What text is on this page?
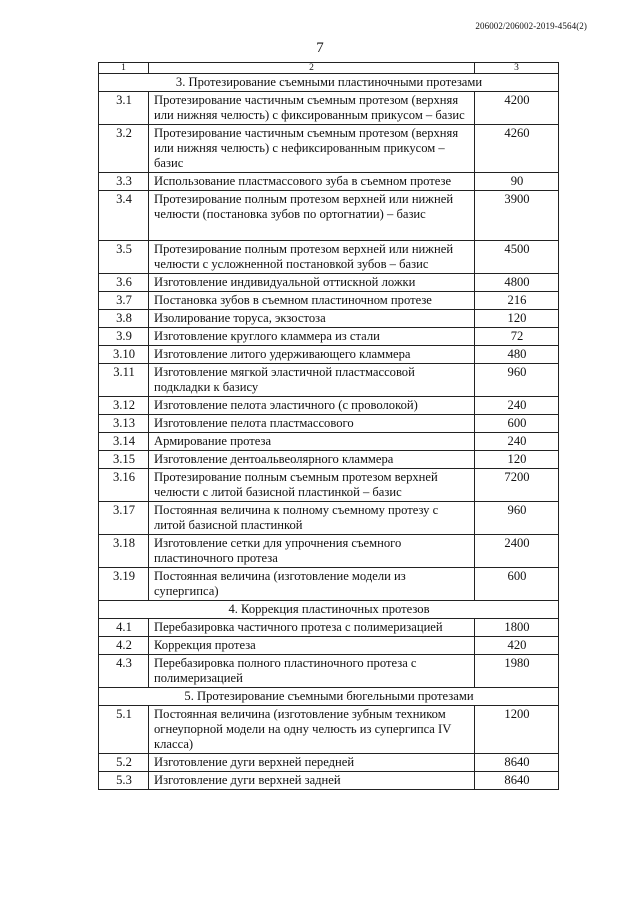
206002/206002-2019-4564(2)
7
1	2	3
3. Протезирование съемными пластиночными протезами		
3.1	Протезирование частичным съемным протезом (верхняя или нижняя челюсть) с фиксированным прикусом – базис	4200
3.2	Протезирование частичным съемным протезом (верхняя или нижняя челюсть) с нефиксированным прикусом – базис	4260
3.3	Использование пластмассового зуба в съемном протезе	90
3.4	Протезирование полным протезом верхней или нижней челюсти (постановка зубов по ортогнатии) – базис	3900
3.5	Протезирование полным протезом верхней или нижней челюсти с усложненной постановкой зубов – базис	4500
3.6	Изготовление индивидуальной оттискной ложки	4800
3.7	Постановка зубов в съемном пластиночном протезе	216
3.8	Изолирование торуса, экзостоза	120
3.9	Изготовление круглого кламмера из стали	72
3.10	Изготовление литого удерживающего кламмера	480
3.11	Изготовление мягкой эластичной пластмассовой подкладки к базису	960
3.12	Изготовление пелота эластичного (с проволокой)	240
3.13	Изготовление пелота пластмассового	600
3.14	Армирование протеза	240
3.15	Изготовление дентоальвеолярного кламмера	120
3.16	Протезирование полным съемным протезом верхней челюсти с литой базисной пластинкой – базис	7200
3.17	Постоянная величина к полному съемному протезу с литой базисной пластинкой	960
3.18	Изготовление сетки для упрочнения съемного пластиночного протеза	2400
3.19	Постоянная величина (изготовление модели из супергипса)	600
4. Коррекция пластиночных протезов		
4.1	Перебазировка частичного протеза с полимеризацией	1800
4.2	Коррекция протеза	420
4.3	Перебазировка полного пластиночного протеза с полимеризацией	1980
5. Протезирование съемными бюгельными протезами		
5.1	Постоянная величина (изготовление зубным техником огнеупорной модели на одну челюсть из супергипса IV класса)	1200
5.2	Изготовление дуги верхней передней	8640
5.3	Изготовление дуги верхней задней	8640
